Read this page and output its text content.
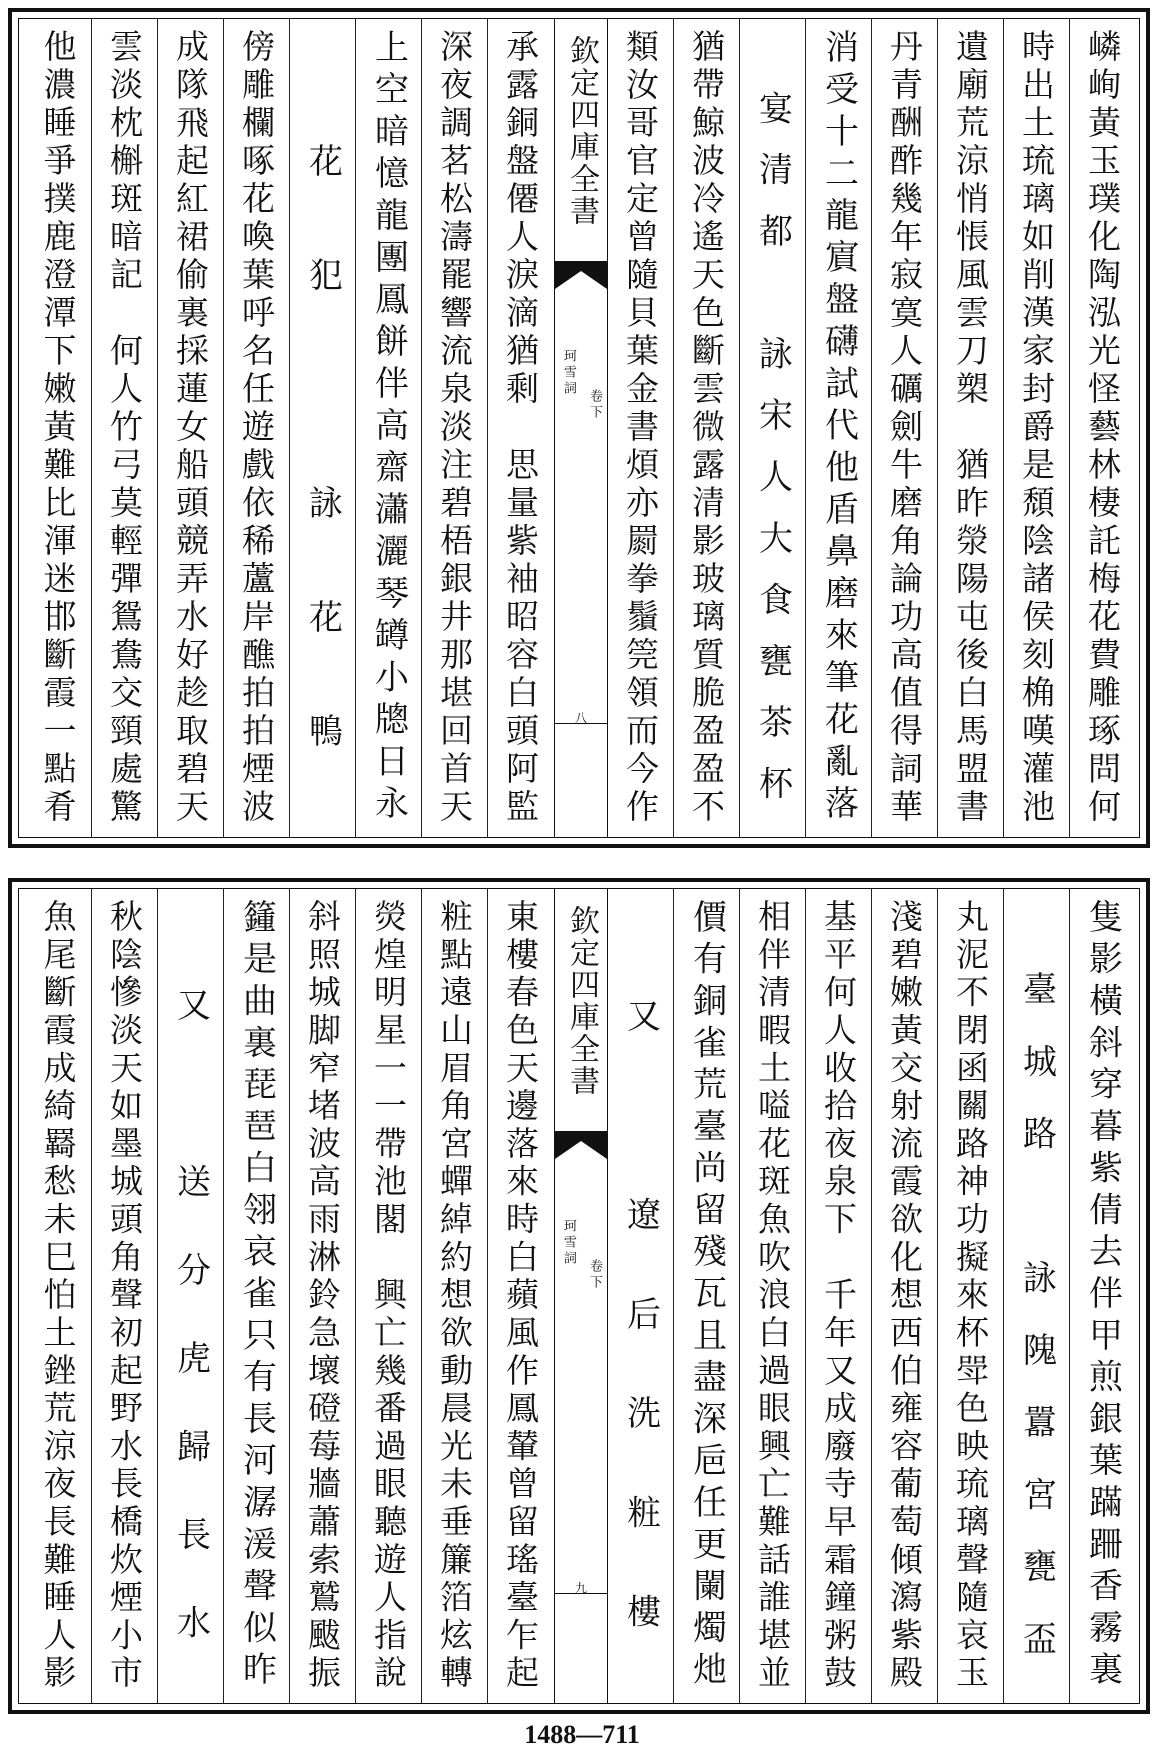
嶙峋黃玉璞化陶泓光怪藝林棲託梅花費雕琢問何
時出土琉璃如削漢家封爵是頹陰諸侯刻桷嘆灌池
遺廟荒涼悄悵風雲刀槊　猶昨滎陽屯後白馬盟書
丹青酬酢幾年寂寞人礪劍牛磨角論功高值得詞華
消受十二龍賔盤礴試代他盾鼻磨來筆花亂落
　宴清都　詠宋人大食甕茶杯
猶帶鯨波冷遙天色斷雲微露清影玻璃質脆盈盈不
類汝哥官定曾隨貝葉金書煩亦罽拳鬚筦領而今作
欽定四庫全書
珂雪詞
卷下
八
承露銅盤僊人淚滴猶剩　思量紫袖昭容白頭阿監
深夜調茗松濤罷響流泉淡注碧梧銀井那堪回首天
上空暗憶龍團鳳餅伴高齋瀟灑琴罇小牕日永
　花犯　詠花鴨
傍雕欄啄花喚葉呼名任遊戲依稀蘆岸醮拍拍煙波
成隊飛起紅裙偷裏採蓮女船頭競弄水好趁取碧天
雲淡枕槲斑暗記　何人竹弓莫輕彈鴛鴦交頸處驚
他濃睡爭撲鹿澄潭下嫩黃難比渾迷邯斷霞一點肴
隻影橫斜穿暮紫倩去伴甲煎銀葉蹣跚香霧裏
　臺城路　詠隗囂宮甕盃
丸泥不閉函關路神功擬來杯斝色映琉璃聲隨哀玉
淺碧嫩黃交射流霞欲化想西伯雍容葡萄傾瀉紫殿
基平何人收拾夜泉下　千年又成廢寺早霜鐘粥鼓
相伴清暇土嗌花斑魚吹浪白過眼興亡難話誰堪並
價有銅雀荒臺尚留殘瓦且盡深巵任更闌燭灺
　又　遼后洗粧樓
欽定四庫全書
珂雪詞
卷下
九
東樓春色天邊落來時白蘋風作鳳輦曾留瑤臺乍起
粧點遠山眉角宮蟬綽約想欲動晨光未垂簾箔炫轉
熒煌明星一一帶池閣　興亡幾番過眼聽遊人指說
斜照城脚窄堵波高雨淋鈴急壞磴莓牆蕭索鷲颰振
籦是曲裏琵琶白翎哀雀只有長河潺湲聲似昨
　又　送分虎歸長水
秋陰慘淡天如墨城頭角聲初起野水長橋炊煙小市
魚尾斷霞成綺羇愁未巳怕土銼荒涼夜長難睡人影
1488—711
